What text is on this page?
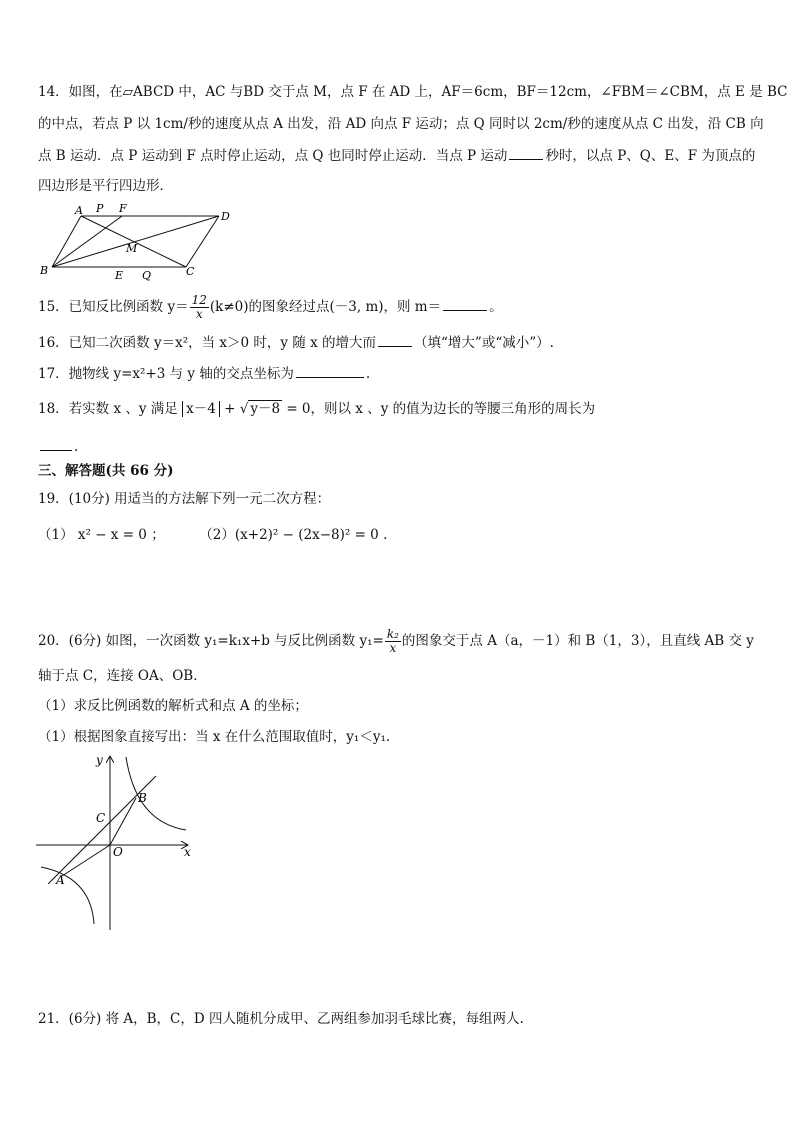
14．如图，在▱ABCD 中，AC 与BD 交于点 M，点 F 在 AD 上，AF＝6cm，BF＝12cm，∠FBM＝∠CBM，点 E 是 BC
的中点，若点 P 以 1cm/秒的速度从点 A 出发，沿 AD 向点 F 运动；点 Q 同时以 2cm/秒的速度从点 C 出发，沿 CB 向
点 B 运动．点 P 运动到 F 点时停止运动，点 Q 也同时停止运动．当点 P 运动	秒时，以点 P、Q、E、F 为顶点的
四边形是平行四边形．
A P F
D
M
B	E Q	C
15．已知反比例函数 $y= \frac{12}{x} (k\ne 0)$的图象经过点(－3, m)，则 m＝	。
16．已知二次函数 y＝x²，当 x＞0 时，y 随 x 的增大而	（填“增大”或“减小”）.
17．抛物线 y=x²+3 与 y 轴的交点坐标为	.
18．若实数 x 、y 满足 x－4 + √ y－8 = 0，则以 x 、y 的值为边长的等腰三角形的周长为
.
三、解答题(共 66 分)
19．(10分) 用适当的方法解下列一元二次方程：
（1） x² − x = 0 ；	（2）(x+2)² − (2x−8)² = 0 .
20．(6分) 如图，一次函数 y₁=k₁x+b 与反比例函数 $y_1= \frac{\text{k₂}}{x}$ 的图象交于点 A（a，－1）和 B（1，3），且直线 AB 交 y
轴于点 C，连接 OA、OB．
（1）求反比例函数的解析式和点 A 的坐标；
（1）根据图象直接写出：当 x 在什么范围取值时，y₁＜y₁.
y
x
B
C
O
A
21．(6分) 将 A，B，C，D 四人随机分成甲、乙两组参加羽毛球比赛，每组两人.
